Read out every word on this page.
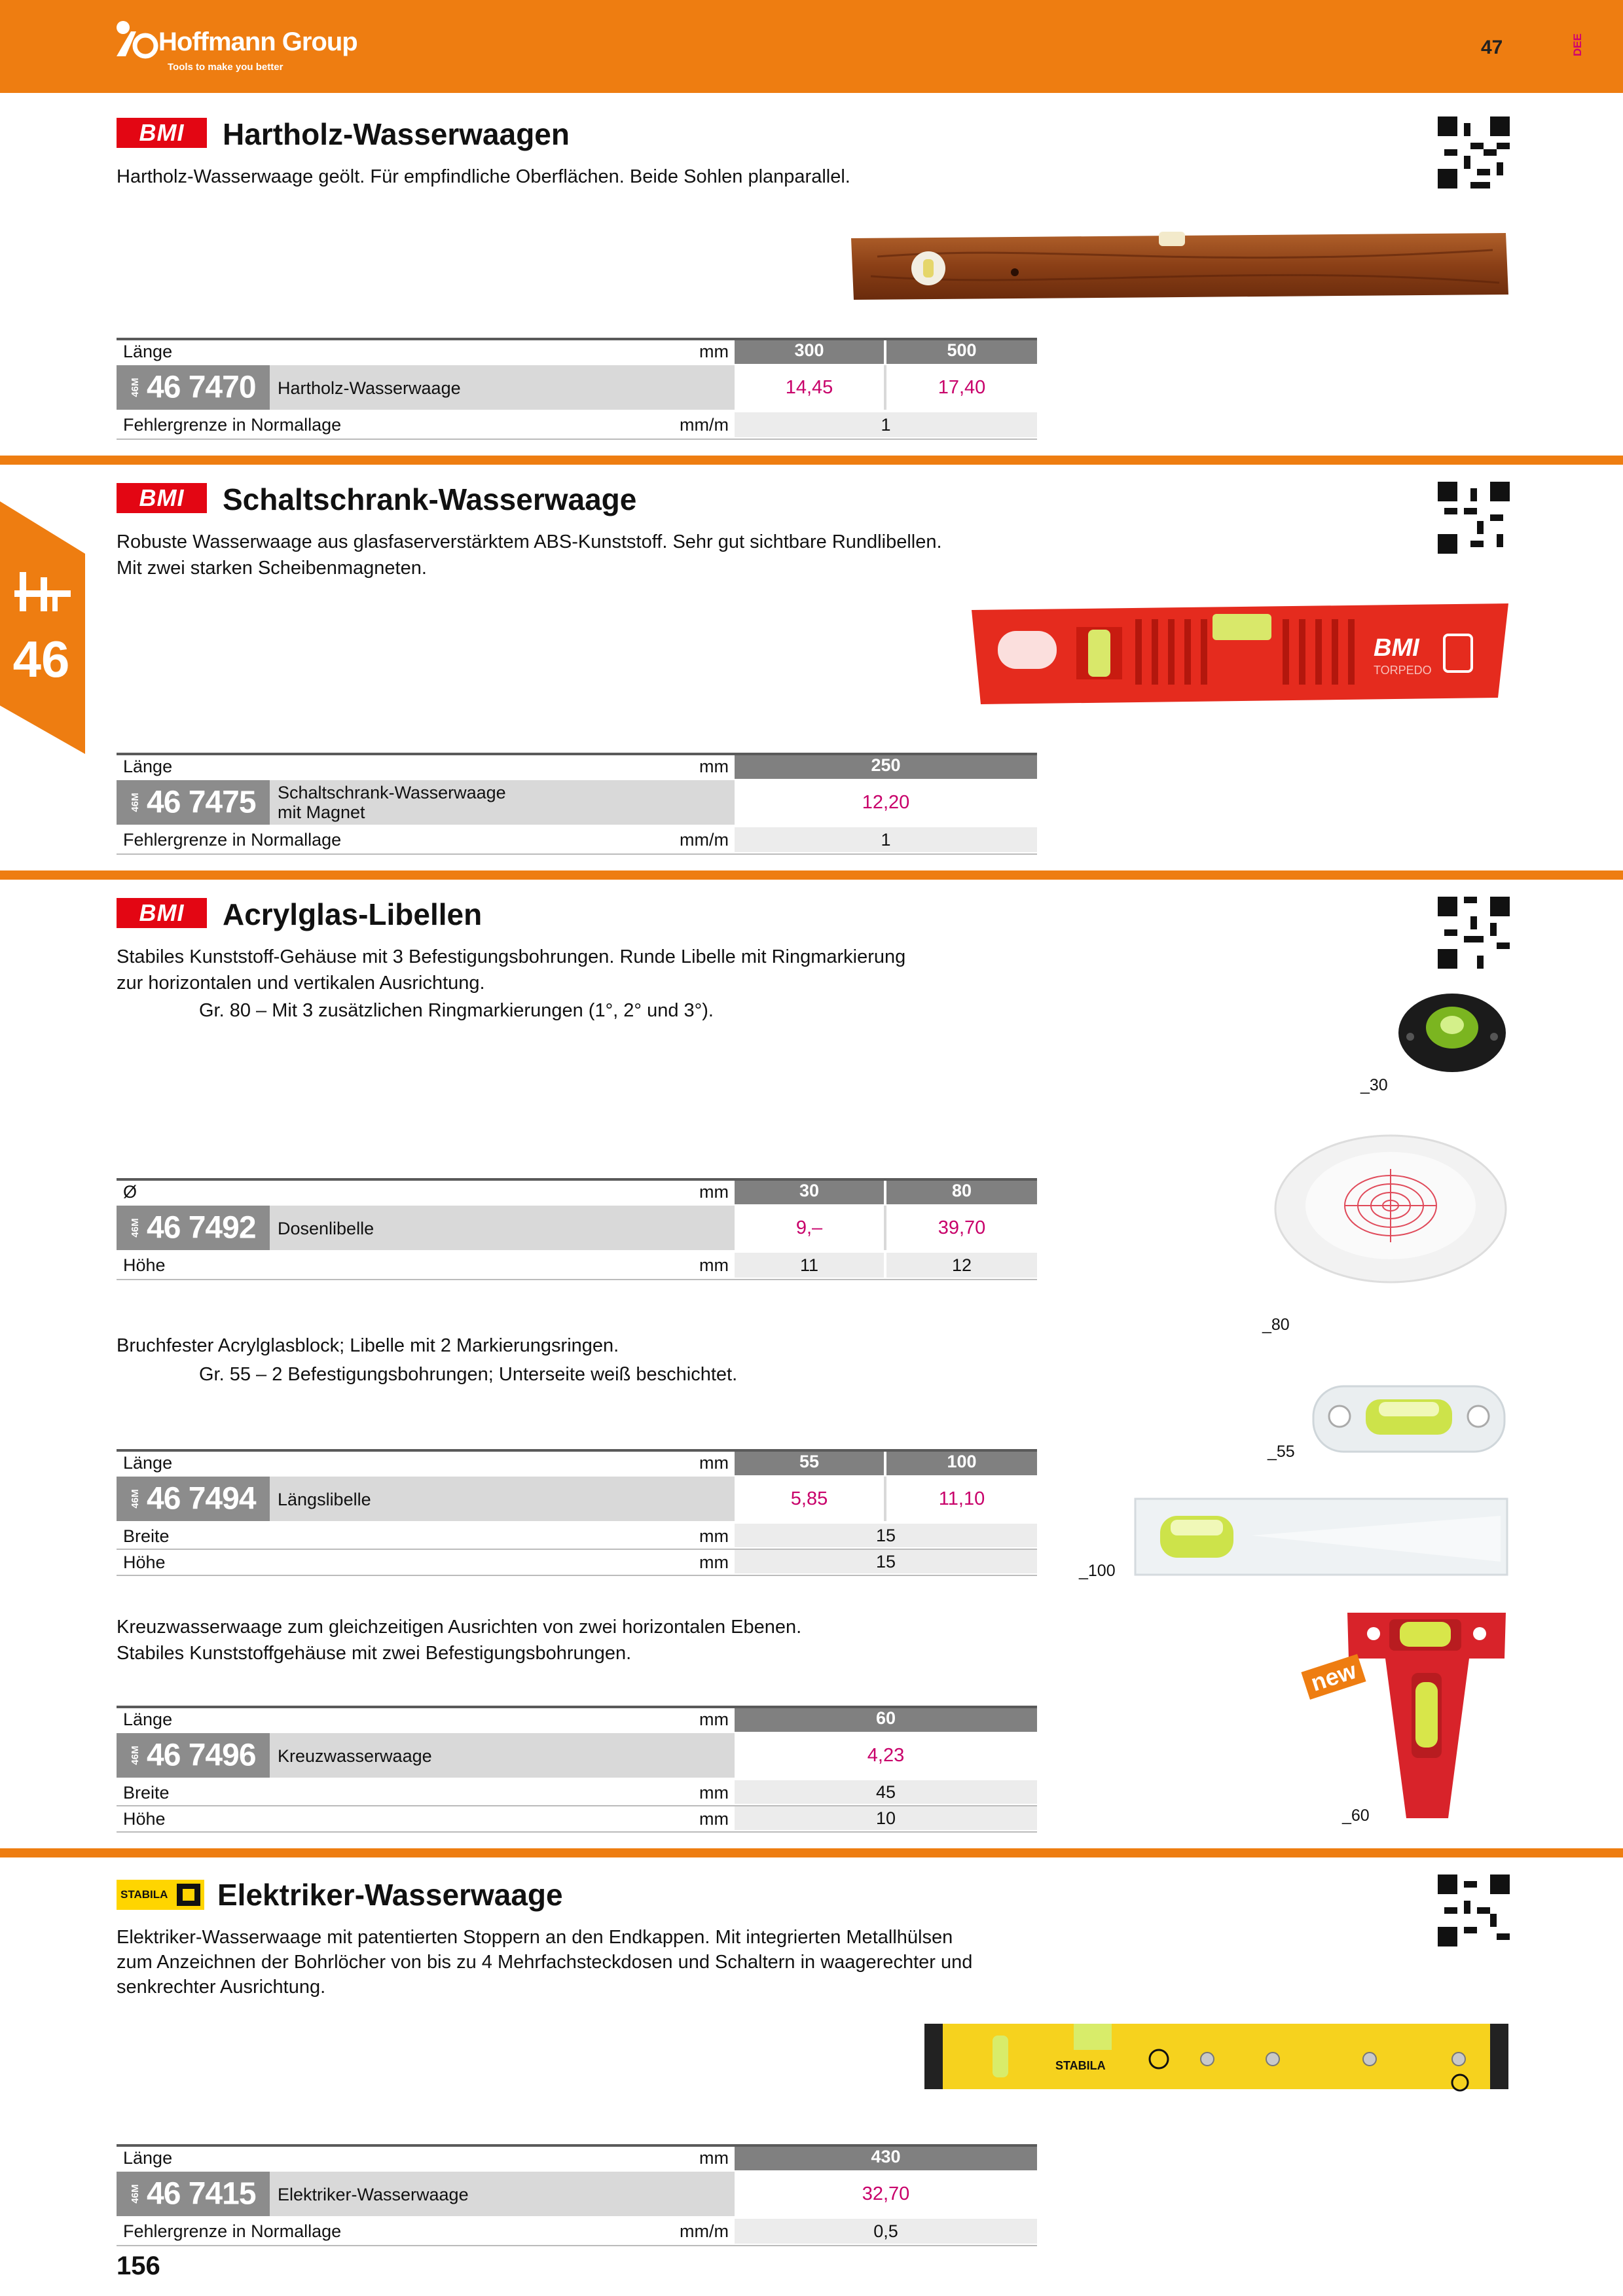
Hoffmann Group
Tools to make you better
47	DEE
46
BMI	Hartholz-Wasserwaagen
Hartholz-Wasserwaage geölt. Für empfindliche Oberflächen. Beide Sohlen planparallel.
Länge	mm	300	500
46M 46 7470 Hartholz-Wasserwaage	14,45	17,40
Fehlergrenze in Normallage	mm/m	1
BMI	Schaltschrank-Wasserwaage
Robuste Wasserwaage aus glasfaserverstärktem ABS-Kunststoff. Sehr gut sichtbare Rundlibellen.
Mit zwei starken Scheibenmagneten.
BMI
TORPEDO
Länge	mm	250
46M 46 7475 Schaltschrank-Wasserwaage
mit Magnet	12,20
Fehlergrenze in Normallage	mm/m	1
BMI	Acrylglas-Libellen
Stabiles Kunststoff-Gehäuse mit 3 Befestigungsbohrungen. Runde Libelle mit Ringmarkierung
zur horizontalen und vertikalen Ausrichtung.
Gr. 80 – Mit 3 zusätzlichen Ringmarkierungen (1°, 2° und 3°).
_30
_80
Ø	mm	30	80
46M 46 7492 Dosenlibelle	9,–	39,70
Höhe	mm	11	12
Bruchfester Acrylglasblock; Libelle mit 2 Markierungsringen.
Gr. 55 – 2 Befestigungsbohrungen; Unterseite weiß beschichtet.
_55
_100
Länge	mm	55	100
46M 46 7494 Längslibelle	5,85	11,10
Breite	mm	15
Höhe	mm	15
Kreuzwasserwaage zum gleichzeitigen Ausrichten von zwei horizontalen Ebenen.
Stabiles Kunststoffgehäuse mit zwei Befestigungsbohrungen.
new
_60
Länge	mm	60
46M 46 7496 Kreuzwasserwaage	4,23
Breite	mm	45
Höhe	mm	10
STABILA	Elektriker-Wasserwaage
Elektriker-Wasserwaage mit patentierten Stoppern an den Endkappen. Mit integrierten Metallhülsen
zum Anzeichnen der Bohrlöcher von bis zu 4 Mehrfachsteckdosen und Schaltern in waagerechter und
senkrechter Ausrichtung.
STABILA
Länge	mm	430
46M 46 7415 Elektriker-Wasserwaage	32,70
Fehlergrenze in Normallage	mm/m	0,5
156
